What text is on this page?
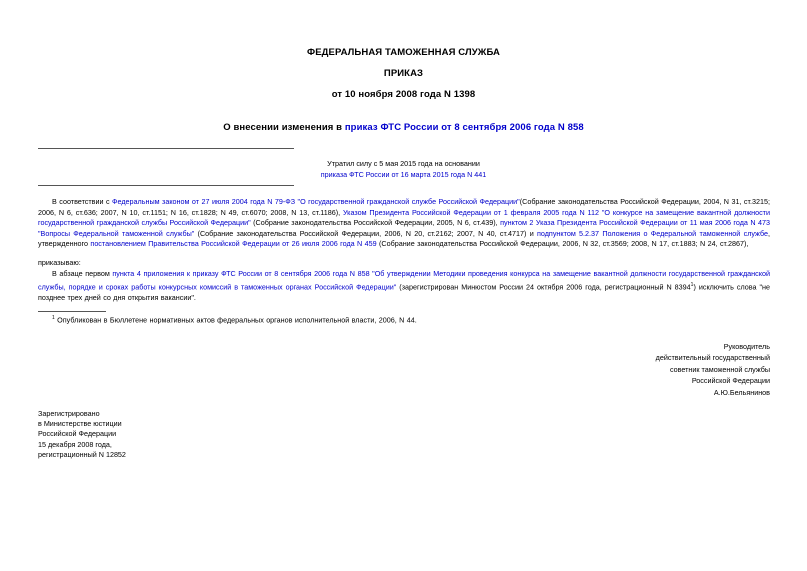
ФЕДЕРАЛЬНАЯ ТАМОЖЕННАЯ СЛУЖБА
ПРИКАЗ
от 10 ноября 2008 года N 1398
О внесении изменения в приказ ФТС России от 8 сентября 2006 года N 858
Утратил силу с 5 мая 2015 года на основании
приказа ФТС России от 16 марта 2015 года N 441
В соответствии с Федеральным законом от 27 июля 2004 года N 79-ФЗ "О государственной гражданской службе Российской Федерации"(Собрание законодательства Российской Федерации, 2004, N 31, ст.3215; 2006, N 6, ст.636; 2007, N 10, ст.1151; N 16, ст.1828; N 49, ст.6070; 2008, N 13, ст.1186), Указом Президента Российской Федерации от 1 февраля 2005 года N 112 "О конкурсе на замещение вакантной должности государственной гражданской службы Российской Федерации" (Собрание законодательства Российской Федерации, 2005, N 6, ст.439), пунктом 2 Указа Президента Российской Федерации от 11 мая 2006 года N 473 "Вопросы Федеральной таможенной службы" (Собрание законодательства Российской Федерации, 2006, N 20, ст.2162; 2007, N 40, ст.4717) и подпунктом 5.2.37 Положения о Федеральной таможенной службе, утвержденного постановлением Правительства Российской Федерации от 26 июля 2006 года N 459 (Собрание законодательства Российской Федерации, 2006, N 32, ст.3569; 2008, N 17, ст.1883; N 24, ст.2867),
приказываю:
В абзаце первом пункта 4 приложения к приказу ФТС России от 8 сентября 2006 года N 858 "Об утверждении Методики проведения конкурса на замещение вакантной должности государственной гражданской службы, порядке и сроках работы конкурсных комиссий в таможенных органах Российской Федерации" (зарегистрирован Минюстом России 24 октября 2006 года, регистрационный N 8394$^1$) исключить слова "не позднее трех дней со дня открытия вакансии".
$^1$ Опубликован в Бюллетене нормативных актов федеральных органов исполнительной власти, 2006, N 44.
Руководитель
действительный государственный
советник таможенной службы
Российской Федерации
А.Ю.Бельянинов
Зарегистрировано
в Министерстве юстиции
Российской Федерации
15 декабря 2008 года,
регистрационный N 12852
